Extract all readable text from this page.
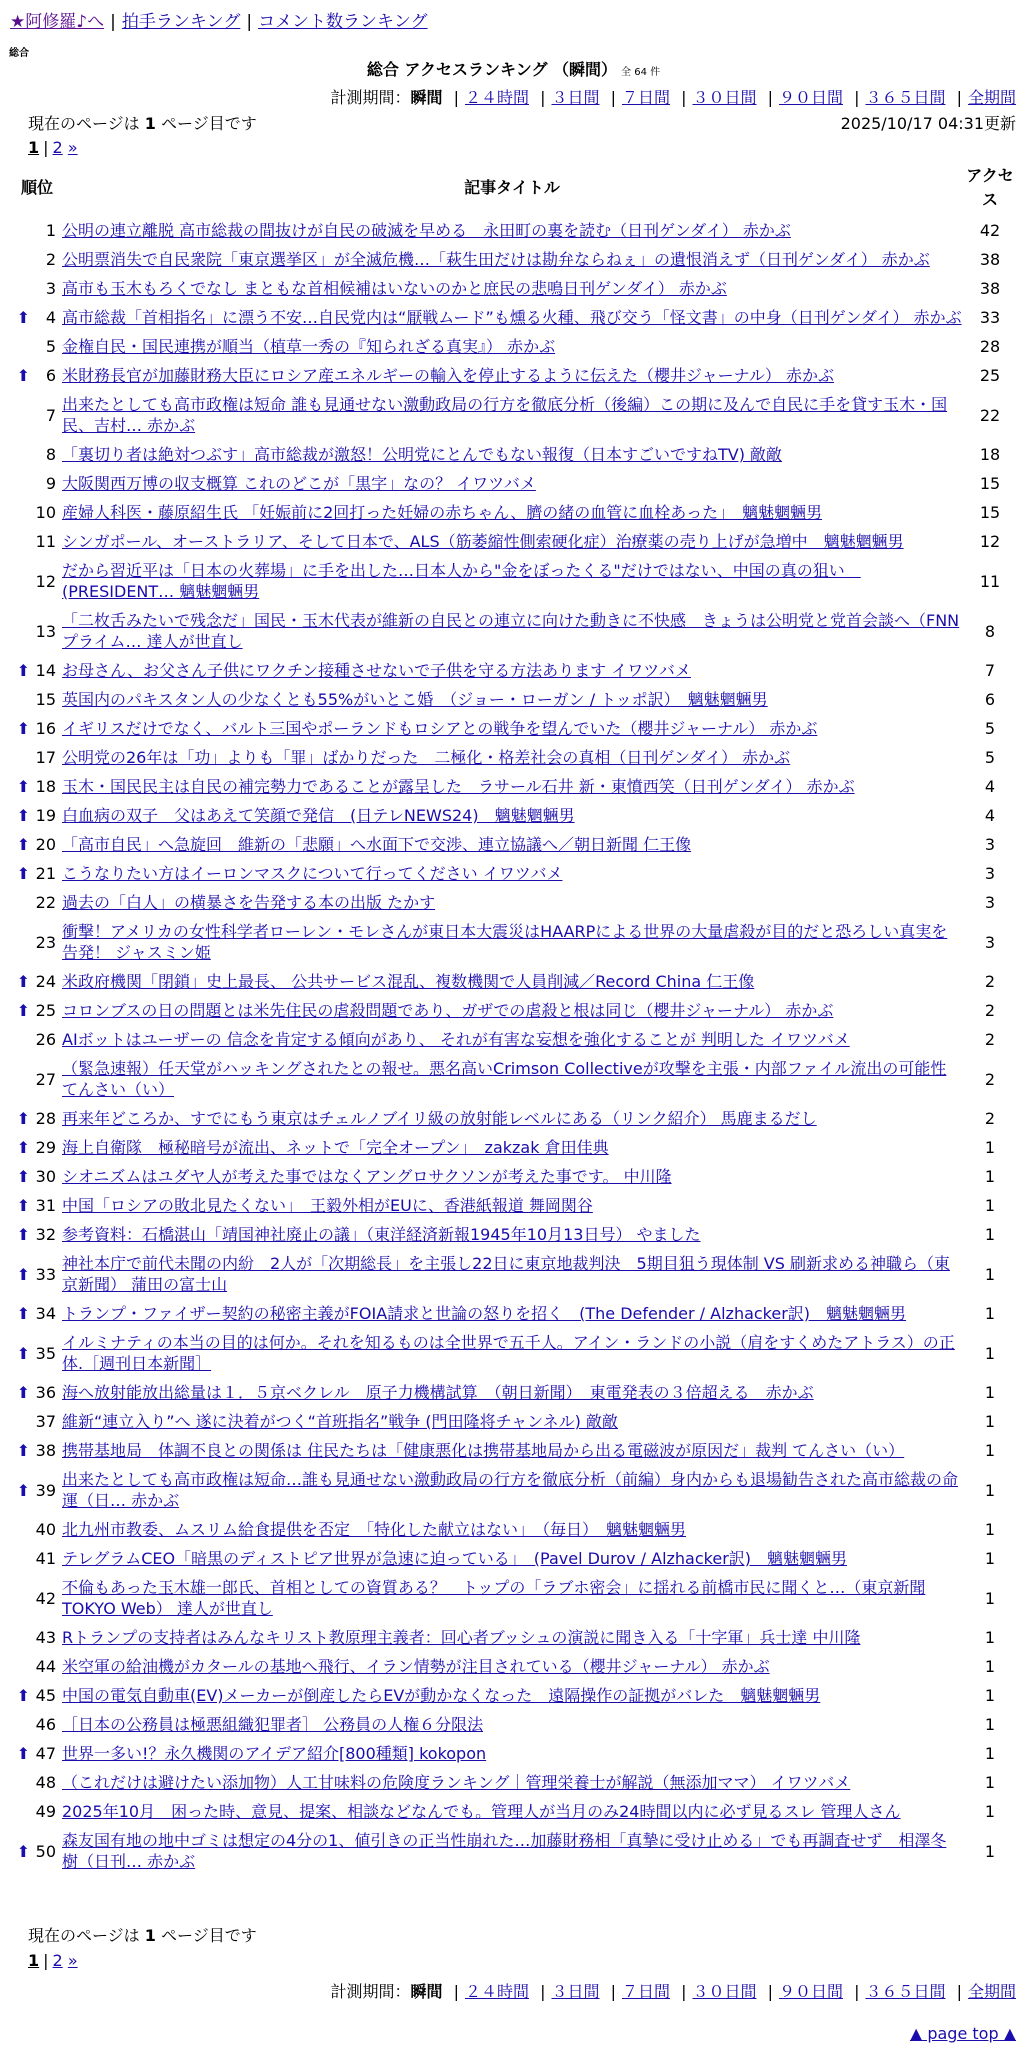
★阿修羅♪へ | 拍手ランキング | コメント数ランキング
総合
総合 アクセスランキング （瞬間） 全 64 件
計測期間：瞬間 | ２４時間 | ３日間 | ７日間 | ３０日間 | ９０日間 | ３６５日間 | 全期間
現在のページは 1 ページ目です	2025/10/17 04:31更新
1 | 2 »
順位		記事タイトル	アクセス
	1	公明の連立離脱 高市総裁の間抜けが自民の破滅を早める　永田町の裏を読む（日刊ゲンダイ） 赤かぶ	42
	2	公明票消失で自民衆院「東京選挙区」が全滅危機…「萩生田だけは勘弁ならねぇ」の遺恨消えず（日刊ゲンダイ） 赤かぶ	38
	3	高市も玉木もろくでなし まともな首相候補はいないのかと庶民の悲鳴日刊ゲンダイ） 赤かぶ	38
⬆	4	高市総裁「首相指名」に漂う不安…自民党内は“厭戦ムード”も燻る火種、飛び交う「怪文書」の中身（日刊ゲンダイ） 赤かぶ	33
	5	金権自民・国民連携が順当（植草一秀の『知られざる真実』） 赤かぶ	28
⬆	6	米財務長官が加藤財務大臣にロシア産エネルギーの輸入を停止するように伝えた（櫻井ジャーナル） 赤かぶ	25
	7	出来たとしても高市政権は短命 誰も見通せない激動政局の行方を徹底分析（後編）この期に及んで自民に手を貸す玉木・国民、吉村… 赤かぶ	22
	8	「裏切り者は絶対つぶす」高市総裁が激怒！公明党にとんでもない報復（日本すごいですねTV) 敵敵	18
	9	大阪関西万博の収支概算 これのどこが「黒字」なの？ イワツバメ	15
	10	産婦人科医・藤原紹生氏 「妊娠前に2回打った妊婦の赤ちゃん、臍の緒の血管に血栓あった」　魑魅魍魎男	15
	11	シンガポール、オーストラリア、そして日本で、ALS（筋萎縮性側索硬化症）治療薬の売り上げが急増中　魑魅魍魎男	12
	12	だから習近平は「日本の火葬場」に手を出した…日本人から"金をぼったくる"だけではない、中国の真の狙い　(PRESIDENT… 魑魅魍魎男	11
	13	「二枚舌みたいで残念だ」国民・玉木代表が維新の自民との連立に向けた動きに不快感　きょうは公明党と党首会談へ（FNNプライム… 達人が世直し	8
⬆	14	お母さん、お父さん子供にワクチン接種させないで子供を守る方法あります イワツバメ	7
	15	英国内のパキスタン人の少なくとも55%がいとこ婚　（ジョー・ローガン / トッポ訳）　魑魅魍魎男	6
⬆	16	イギリスだけでなく、バルト三国やポーランドもロシアとの戦争を望んでいた（櫻井ジャーナル） 赤かぶ	5
	17	公明党の26年は「功」よりも「罪」ばかりだった　二極化・格差社会の真相（日刊ゲンダイ） 赤かぶ	5
⬆	18	玉木・国民民主は自民の補完勢力であることが露呈した　ラサール石井 新・東憤西笑（日刊ゲンダイ） 赤かぶ	4
⬆	19	白血病の双子　父はあえて笑顔で発信　(日テレNEWS24)　魑魅魍魎男	4
⬆	20	「高市自民」へ急旋回　維新の「悲願」へ水面下で交渉、連立協議へ／朝日新聞 仁王像	3
⬆	21	こうなりたい方はイーロンマスクについて行ってください イワツバメ	3
	22	過去の「白人」の横暴さを告発する本の出版 たかす	3
	23	衝撃！アメリカの女性科学者ローレン・モレさんが東日本大震災はHAARPによる世界の大量虐殺が目的だと恐ろしい真実を告発！ ジャスミン姫	3
⬆	24	米政府機関「閉鎖」史上最長、 公共サービス混乱、複数機関で人員削減／Record China 仁王像	2
⬆	25	コロンブスの日の問題とは米先住民の虐殺問題であり、ガザでの虐殺と根は同じ（櫻井ジャーナル） 赤かぶ	2
	26	AIボットはユーザーの 信念を肯定する傾向があり、 それが有害な妄想を強化することが 判明した イワツバメ	2
	27	（緊急速報）任天堂がハッキングされたとの報せ。悪名高いCrimson Collectiveが攻撃を主張・内部ファイル流出の可能性 てんさい（い）	2
⬆	28	再来年どころか、すでにもう東京はチェルノブイリ級の放射能レベルにある（リンク紹介） 馬鹿まるだし	2
⬆	29	海上自衛隊　極秘暗号が流出、ネットで「完全オープン」　zakzak 倉田佳典	1
⬆	30	シオニズムはユダヤ人が考えた事ではなくアングロサクソンが考えた事です。 中川隆	1
⬆	31	中国「ロシアの敗北見たくない」　王毅外相がEUに、香港紙報道 舞岡関谷	1
⬆	32	参考資料：石橋湛山「靖国神社廃止の議」（東洋経済新報1945年10月13日号） やました	1
⬆	33	神社本庁で前代未聞の内紛　2人が「次期総長」を主張し22日に東京地裁判決　5期目狙う現体制 VS 刷新求める神職ら（東京新聞） 蒲田の富士山	1
⬆	34	トランプ・ファイザー契約の秘密主義がFOIA請求と世論の怒りを招く　(The Defender / Alzhacker訳)　魑魅魍魎男	1
⬆	35	イルミナティの本当の目的は何か。それを知るものは全世界で五千人。アイン・ランドの小説（肩をすくめたアトラス）の正体.［週刊日本新聞］	1
⬆	36	海へ放射能放出総量は１．５京ベクレル　原子力機構試算　（朝日新聞）　東電発表の３倍超える　赤かぶ	1
	37	維新“連立入り”へ 遂に決着がつく“首班指名”戦争 (門田隆将チャンネル) 敵敵	1
⬆	38	携帯基地局　体調不良との関係は 住民たちは「健康悪化は携帯基地局から出る電磁波が原因だ」裁判 てんさい（い）	1
⬆	39	出来たとしても高市政権は短命…誰も見通せない激動政局の行方を徹底分析（前編）身内からも退場勧告された高市総裁の命運（日… 赤かぶ	1
	40	北九州市教委、ムスリム給食提供を否定　「特化した献立はない」　（毎日）　魑魅魍魎男	1
	41	テレグラムCEO「暗黒のディストピア世界が急速に迫っている」　(Pavel Durov / Alzhacker訳)　魑魅魍魎男	1
	42	不倫もあった玉木雄一郎氏、首相としての資質ある？　トップの「ラブホ密会」に揺れる前橋市民に聞くと…（東京新聞TOKYO Web） 達人が世直し	1
	43	Rトランプの支持者はみんなキリスト教原理主義者：回心者ブッシュの演説に聞き入る「十字軍」兵士達 中川隆	1
	44	米空軍の給油機がカタールの基地へ飛行、イラン情勢が注目されている（櫻井ジャーナル） 赤かぶ	1
⬆	45	中国の電気自動車(EV)メーカーが倒産したらEVが動かなくなった　遠隔操作の証拠がバレた　魑魅魍魎男	1
	46	［日本の公務員は極悪組織犯罪者］ 公務員の人権６分限法	1
⬆	47	世界一多い!？永久機関のアイデア紹介[800種類] kokopon	1
	48	（これだけは避けたい添加物）人工甘味料の危険度ランキング｜管理栄養士が解説（無添加ママ） イワツバメ	1
	49	2025年10月　困った時、意見、提案、相談などなんでも。管理人が当月のみ24時間以内に必ず見るスレ 管理人さん	1
⬆	50	森友国有地の地中ゴミは想定の4分の1、値引きの正当性崩れた…加藤財務相「真摯に受け止める」でも再調査せず　相澤冬樹（日刊… 赤かぶ	1
現在のページは 1 ページ目です
1 | 2 »
計測期間：瞬間 | ２４時間 | ３日間 | ７日間 | ３０日間 | ９０日間 | ３６５日間 | 全期間
▲ page top ▲
